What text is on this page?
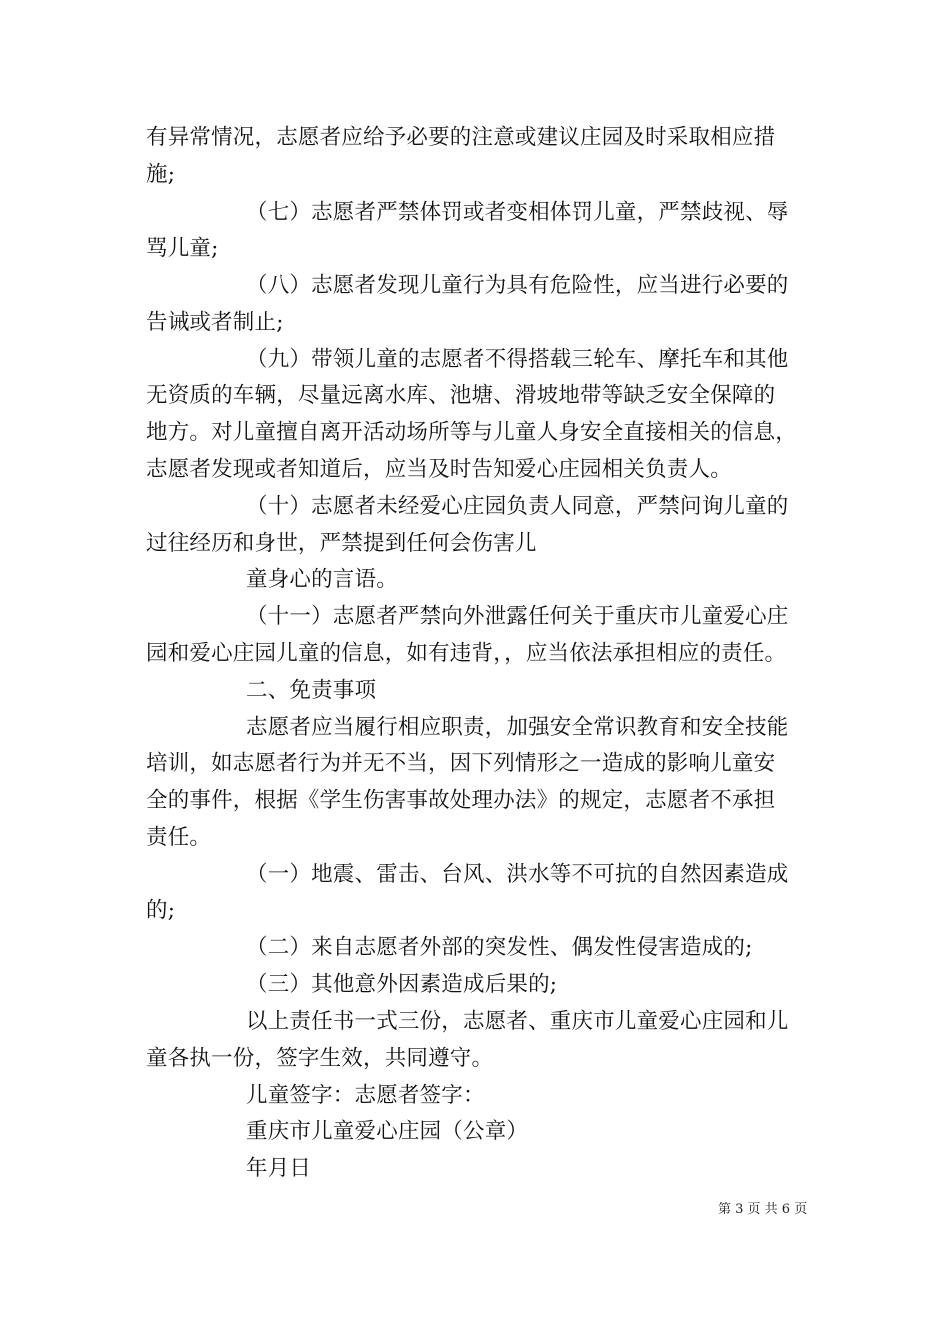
有异常情况，志愿者应给予必要的注意或建议庄园及时采取相应措
施;
（七）志愿者严禁体罚或者变相体罚儿童，严禁歧视、辱
骂儿童;
（八）志愿者发现儿童行为具有危险性，应当进行必要的
告诫或者制止;
（九）带领儿童的志愿者不得搭载三轮车、摩托车和其他
无资质的车辆，尽量远离水库、池塘、滑坡地带等缺乏安全保障的
地方。对儿童擅自离开活动场所等与儿童人身安全直接相关的信息，
志愿者发现或者知道后，应当及时告知爱心庄园相关负责人。
（十）志愿者未经爱心庄园负责人同意，严禁问询儿童的
过往经历和身世，严禁提到任何会伤害儿
童身心的言语。
（十一）志愿者严禁向外泄露任何关于重庆市儿童爱心庄
园和爱心庄园儿童的信息，如有违背，，应当依法承担相应的责任。
二、免责事项
志愿者应当履行相应职责，加强安全常识教育和安全技能
培训，如志愿者行为并无不当，因下列情形之一造成的影响儿童安
全的事件，根据《学生伤害事故处理办法》的规定，志愿者不承担
责任。
（一）地震、雷击、台风、洪水等不可抗的自然因素造成
的;
（二）来自志愿者外部的突发性、偶发性侵害造成的;
（三）其他意外因素造成后果的;
以上责任书一式三份，志愿者、重庆市儿童爱心庄园和儿
童各执一份，签字生效，共同遵守。
儿童签字：志愿者签字：
重庆市儿童爱心庄园（公章）
年月日
第 3 页 共 6 页
